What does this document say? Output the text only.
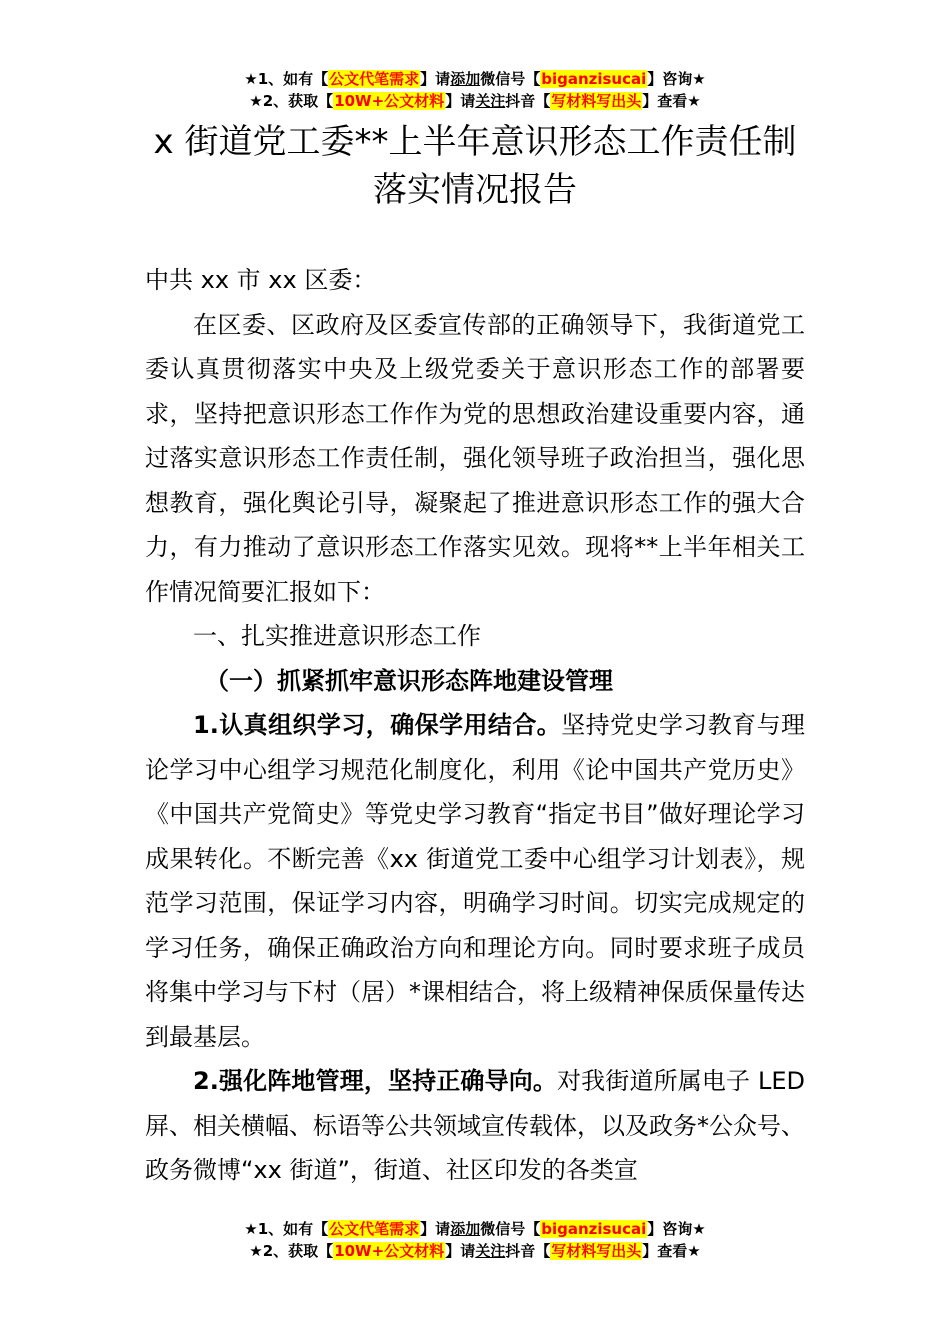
★1、如有【公文代笔需求】请添加微信号【biganzisucai】咨询★
★2、获取【10W+公文材料】请关注抖音【写材料写出头】查看★
x 街道党工委**上半年意识形态工作责任制
落实情况报告

中共 xx 市 xx 区委：

在区委、区政府及区委宣传部的正确领导下，我街道党工委认真贯彻落实中央及上级党委关于意识形态工作的部署要求，坚持把意识形态工作作为党的思想政治建设重要内容，通过落实意识形态工作责任制，强化领导班子政治担当，强化思想教育，强化舆论引导，凝聚起了推进意识形态工作的强大合力，有力推动了意识形态工作落实见效。现将**上半年相关工作情况简要汇报如下：

一、扎实推进意识形态工作

（一）抓紧抓牢意识形态阵地建设管理

1.认真组织学习，确保学用结合。坚持党史学习教育与理论学习中心组学习规范化制度化，利用《论中国共产党历史》《中国共产党简史》等党史学习教育“指定书目”做好理论学习成果转化。不断完善《xx 街道党工委中心组学习计划表》，规范学习范围，保证学习内容，明确学习时间。切实完成规定的学习任务，确保正确政治方向和理论方向。同时要求班子成员将集中学习与下村（居）*课相结合，将上级精神保质保量传达到最基层。

2.强化阵地管理，坚持正确导向。对我街道所属电子 LED 屏、相关横幅、标语等公共领域宣传载体，以及政务*公众号、政务微博“xx 街道”，街道、社区印发的各类宣

★1、如有【公文代笔需求】请添加微信号【biganzisucai】咨询★
★2、获取【10W+公文材料】请关注抖音【写材料写出头】查看★
